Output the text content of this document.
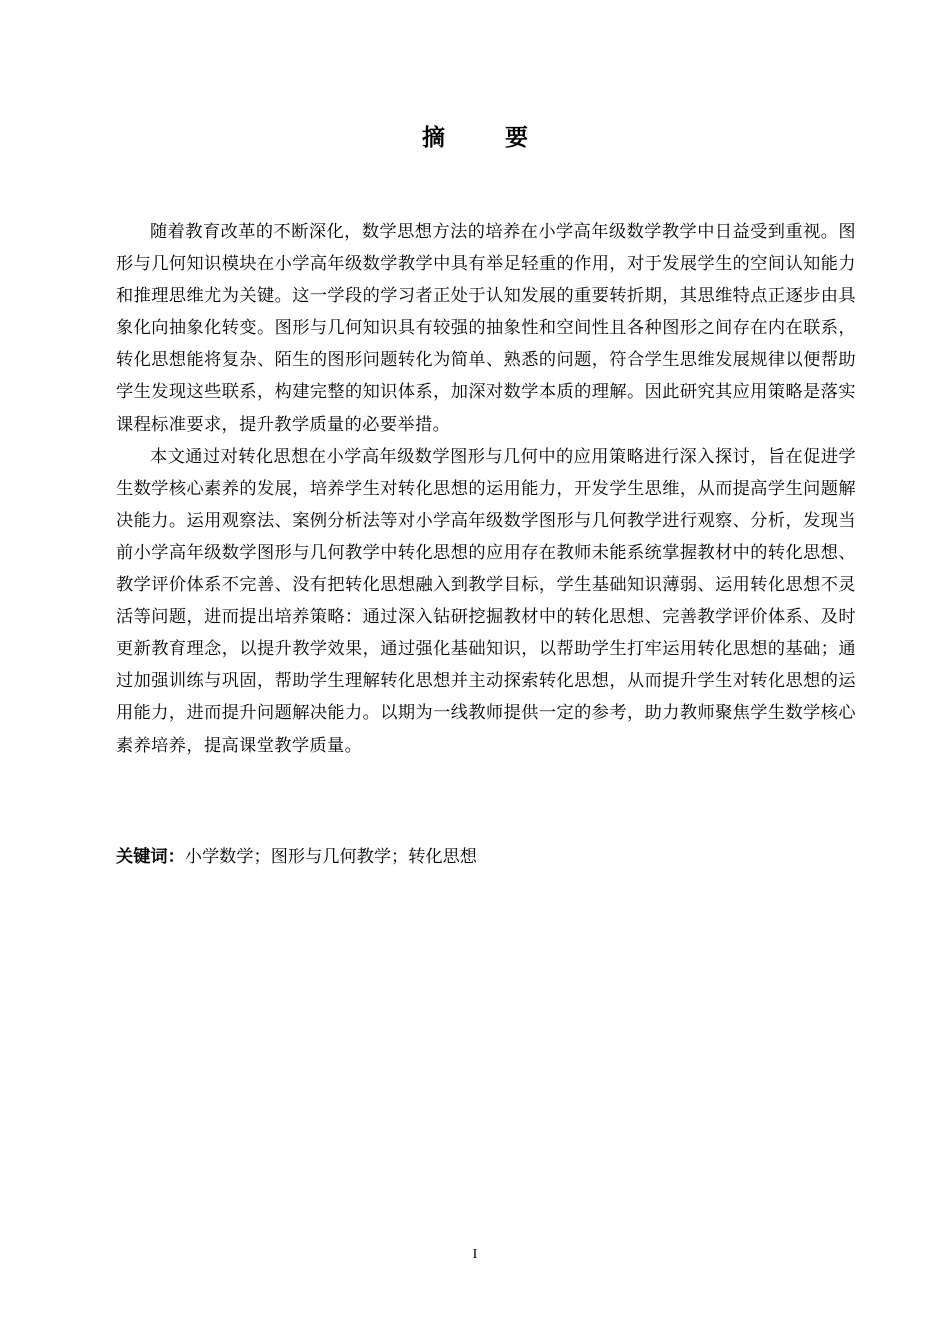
摘 要

随着教育改革的不断深化，数学思想方法的培养在小学高年级数学教学中日益受到重视。图形与几何知识模块在小学高年级数学教学中具有举足轻重的作用，对于发展学生的空间认知能力和推理思维尤为关键。这一学段的学习者正处于认知发展的重要转折期，其思维特点正逐步由具象化向抽象化转变。图形与几何知识具有较强的抽象性和空间性且各种图形之间存在内在联系，转化思想能将复杂、陌生的图形问题转化为简单、熟悉的问题，符合学生思维发展规律以便帮助学生发现这些联系，构建完整的知识体系，加深对数学本质的理解。因此研究其应用策略是落实课程标准要求，提升教学质量的必要举措。

本文通过对转化思想在小学高年级数学图形与几何中的应用策略进行深入探讨，旨在促进学生数学核心素养的发展，培养学生对转化思想的运用能力，开发学生思维，从而提高学生问题解决能力。运用观察法、案例分析法等对小学高年级数学图形与几何教学进行观察、分析，发现当前小学高年级数学图形与几何教学中转化思想的应用存在教师未能系统掌握教材中的转化思想、教学评价体系不完善、没有把转化思想融入到教学目标，学生基础知识薄弱、运用转化思想不灵活等问题，进而提出培养策略：通过深入钻研挖掘教材中的转化思想、完善教学评价体系、及时更新教育理念，以提升教学效果，通过强化基础知识，以帮助学生打牢运用转化思想的基础；通过加强训练与巩固，帮助学生理解转化思想并主动探索转化思想，从而提升学生对转化思想的运用能力，进而提升问题解决能力。以期为一线教师提供一定的参考，助力教师聚焦学生数学核心素养培养，提高课堂教学质量。

关键词：小学数学；图形与几何教学；转化思想

I
